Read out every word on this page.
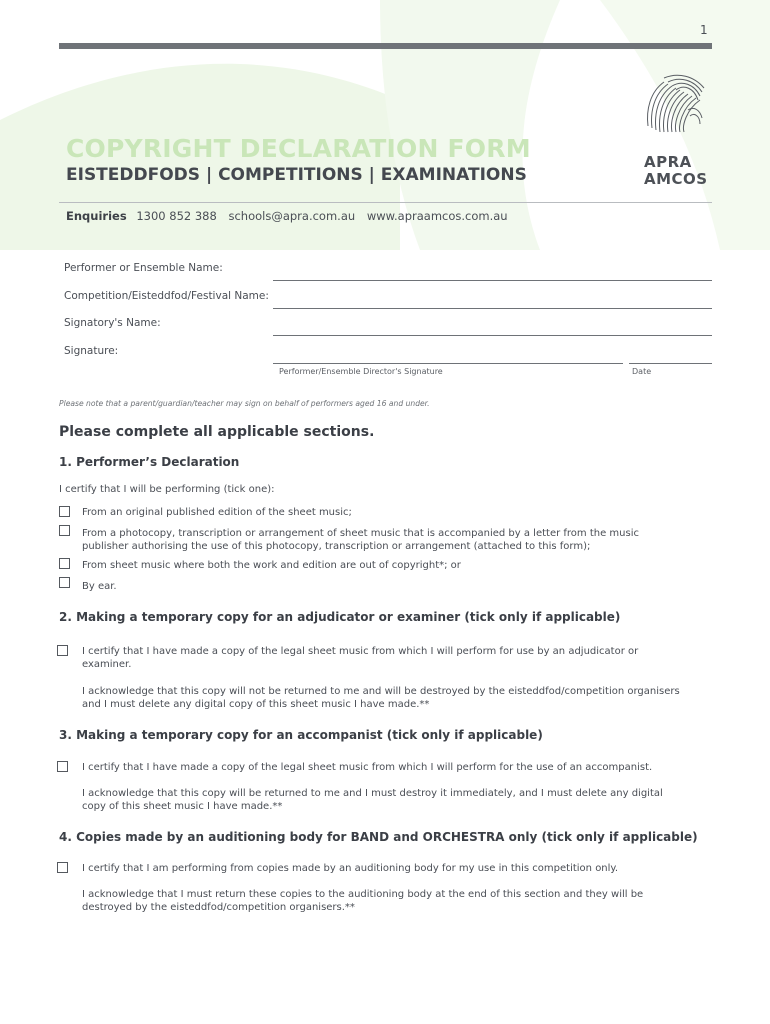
1
APRA
AMCOS
COPYRIGHT DECLARATION FORM
EISTEDDFODS | COMPETITIONS | EXAMINATIONS
Enquiries 1300 852 388 schools@apra.com.au www.apraamcos.com.au
Performer or Ensemble Name:
Competition/Eisteddfod/Festival Name:
Signatory's Name:
Signature:
Performer/Ensemble Director's Signature	Date
Please note that a parent/guardian/teacher may sign on behalf of performers aged 16 and under.
Please complete all applicable sections.
1. Performer’s Declaration
I certify that I will be performing (tick one):
From an original published edition of the sheet music;
From a photocopy, transcription or arrangement of sheet music that is accompanied by a letter from the music
publisher authorising the use of this photocopy, transcription or arrangement (attached to this form);
From sheet music where both the work and edition are out of copyright*; or
By ear.
2. Making a temporary copy for an adjudicator or examiner (tick only if applicable)
I certify that I have made a copy of the legal sheet music from which I will perform for use by an adjudicator or
examiner.
I acknowledge that this copy will not be returned to me and will be destroyed by the eisteddfod/competition organisers
and I must delete any digital copy of this sheet music I have made.**
3. Making a temporary copy for an accompanist (tick only if applicable)
I certify that I have made a copy of the legal sheet music from which I will perform for the use of an accompanist.
I acknowledge that this copy will be returned to me and I must destroy it immediately, and I must delete any digital
copy of this sheet music I have made.**
4. Copies made by an auditioning body for BAND and ORCHESTRA only (tick only if applicable)
I certify that I am performing from copies made by an auditioning body for my use in this competition only.
I acknowledge that I must return these copies to the auditioning body at the end of this section and they will be
destroyed by the eisteddfod/competition organisers.**
